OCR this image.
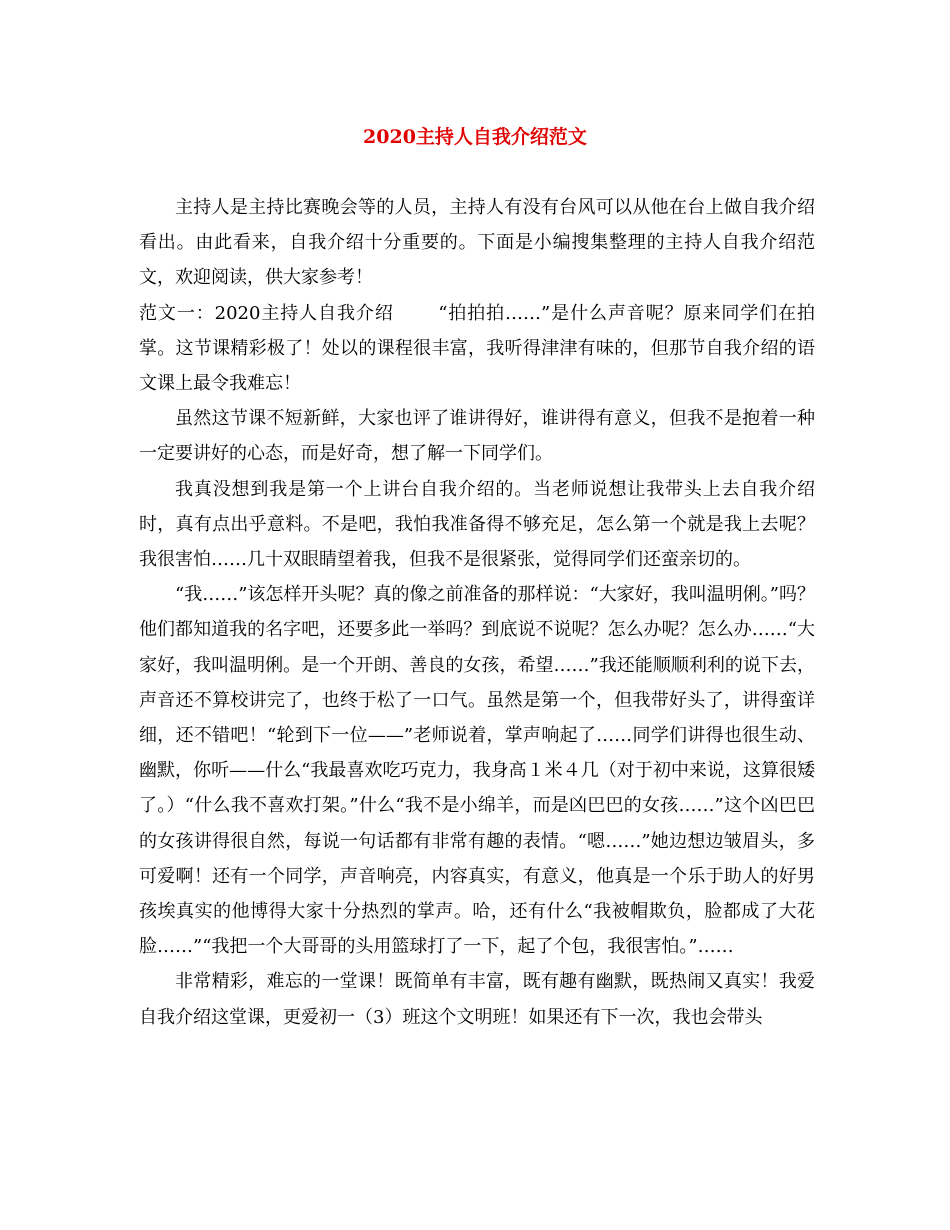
2020主持人自我介绍范文

主持人是主持比赛晚会等的人员，主持人有没有台风可以从他在台上做自我介绍看出。由此看来，自我介绍十分重要的。下面是小编搜集整理的主持人自我介绍范文，欢迎阅读，供大家参考！

范文一：2020主持人自我介绍　　 “拍拍拍……”是什么声音呢？原来同学们在拍掌。这节课精彩极了！处以的课程很丰富，我听得津津有味的，但那节自我介绍的语文课上最令我难忘！

虽然这节课不短新鲜，大家也评了谁讲得好，谁讲得有意义，但我不是抱着一种一定要讲好的心态，而是好奇，想了解一下同学们。

我真没想到我是第一个上讲台自我介绍的。当老师说想让我带头上去自我介绍时，真有点出乎意料。不是吧，我怕我准备得不够充足，怎么第一个就是我上去呢？我很害怕……几十双眼睛望着我，但我不是很紧张，觉得同学们还蛮亲切的。

“我……”该怎样开头呢？真的像之前准备的那样说：“大家好，我叫温明俐。”吗？他们都知道我的名字吧，还要多此一举吗？到底说不说呢？怎么办呢？怎么办……“大家好，我叫温明俐。是一个开朗、善良的女孩，希望……”我还能顺顺利利的说下去，声音还不算校讲完了，也终于松了一口气。虽然是第一个，但我带好头了，讲得蛮详细，还不错吧！“轮到下一位——”老师说着，掌声响起了……同学们讲得也很生动、幽默，你听——什么“我最喜欢吃巧克力，我身高１米４几（对于初中来说，这算很矮了。）“什么我不喜欢打架。”什么“我不是小绵羊，而是凶巴巴的女孩……”这个凶巴巴的女孩讲得很自然，每说一句话都有非常有趣的表情。“嗯……”她边想边皱眉头，多可爱啊！还有一个同学，声音响亮，内容真实，有意义，他真是一个乐于助人的好男孩埃真实的他博得大家十分热烈的掌声。哈，还有什么“我被帽欺负，脸都成了大花脸……”“我把一个大哥哥的头用篮球打了一下，起了个包，我很害怕。”……

非常精彩，难忘的一堂课！既简单有丰富，既有趣有幽默，既热闹又真实！我爱自我介绍这堂课，更爱初一（3）班这个文明班！如果还有下一次，我也会带头
